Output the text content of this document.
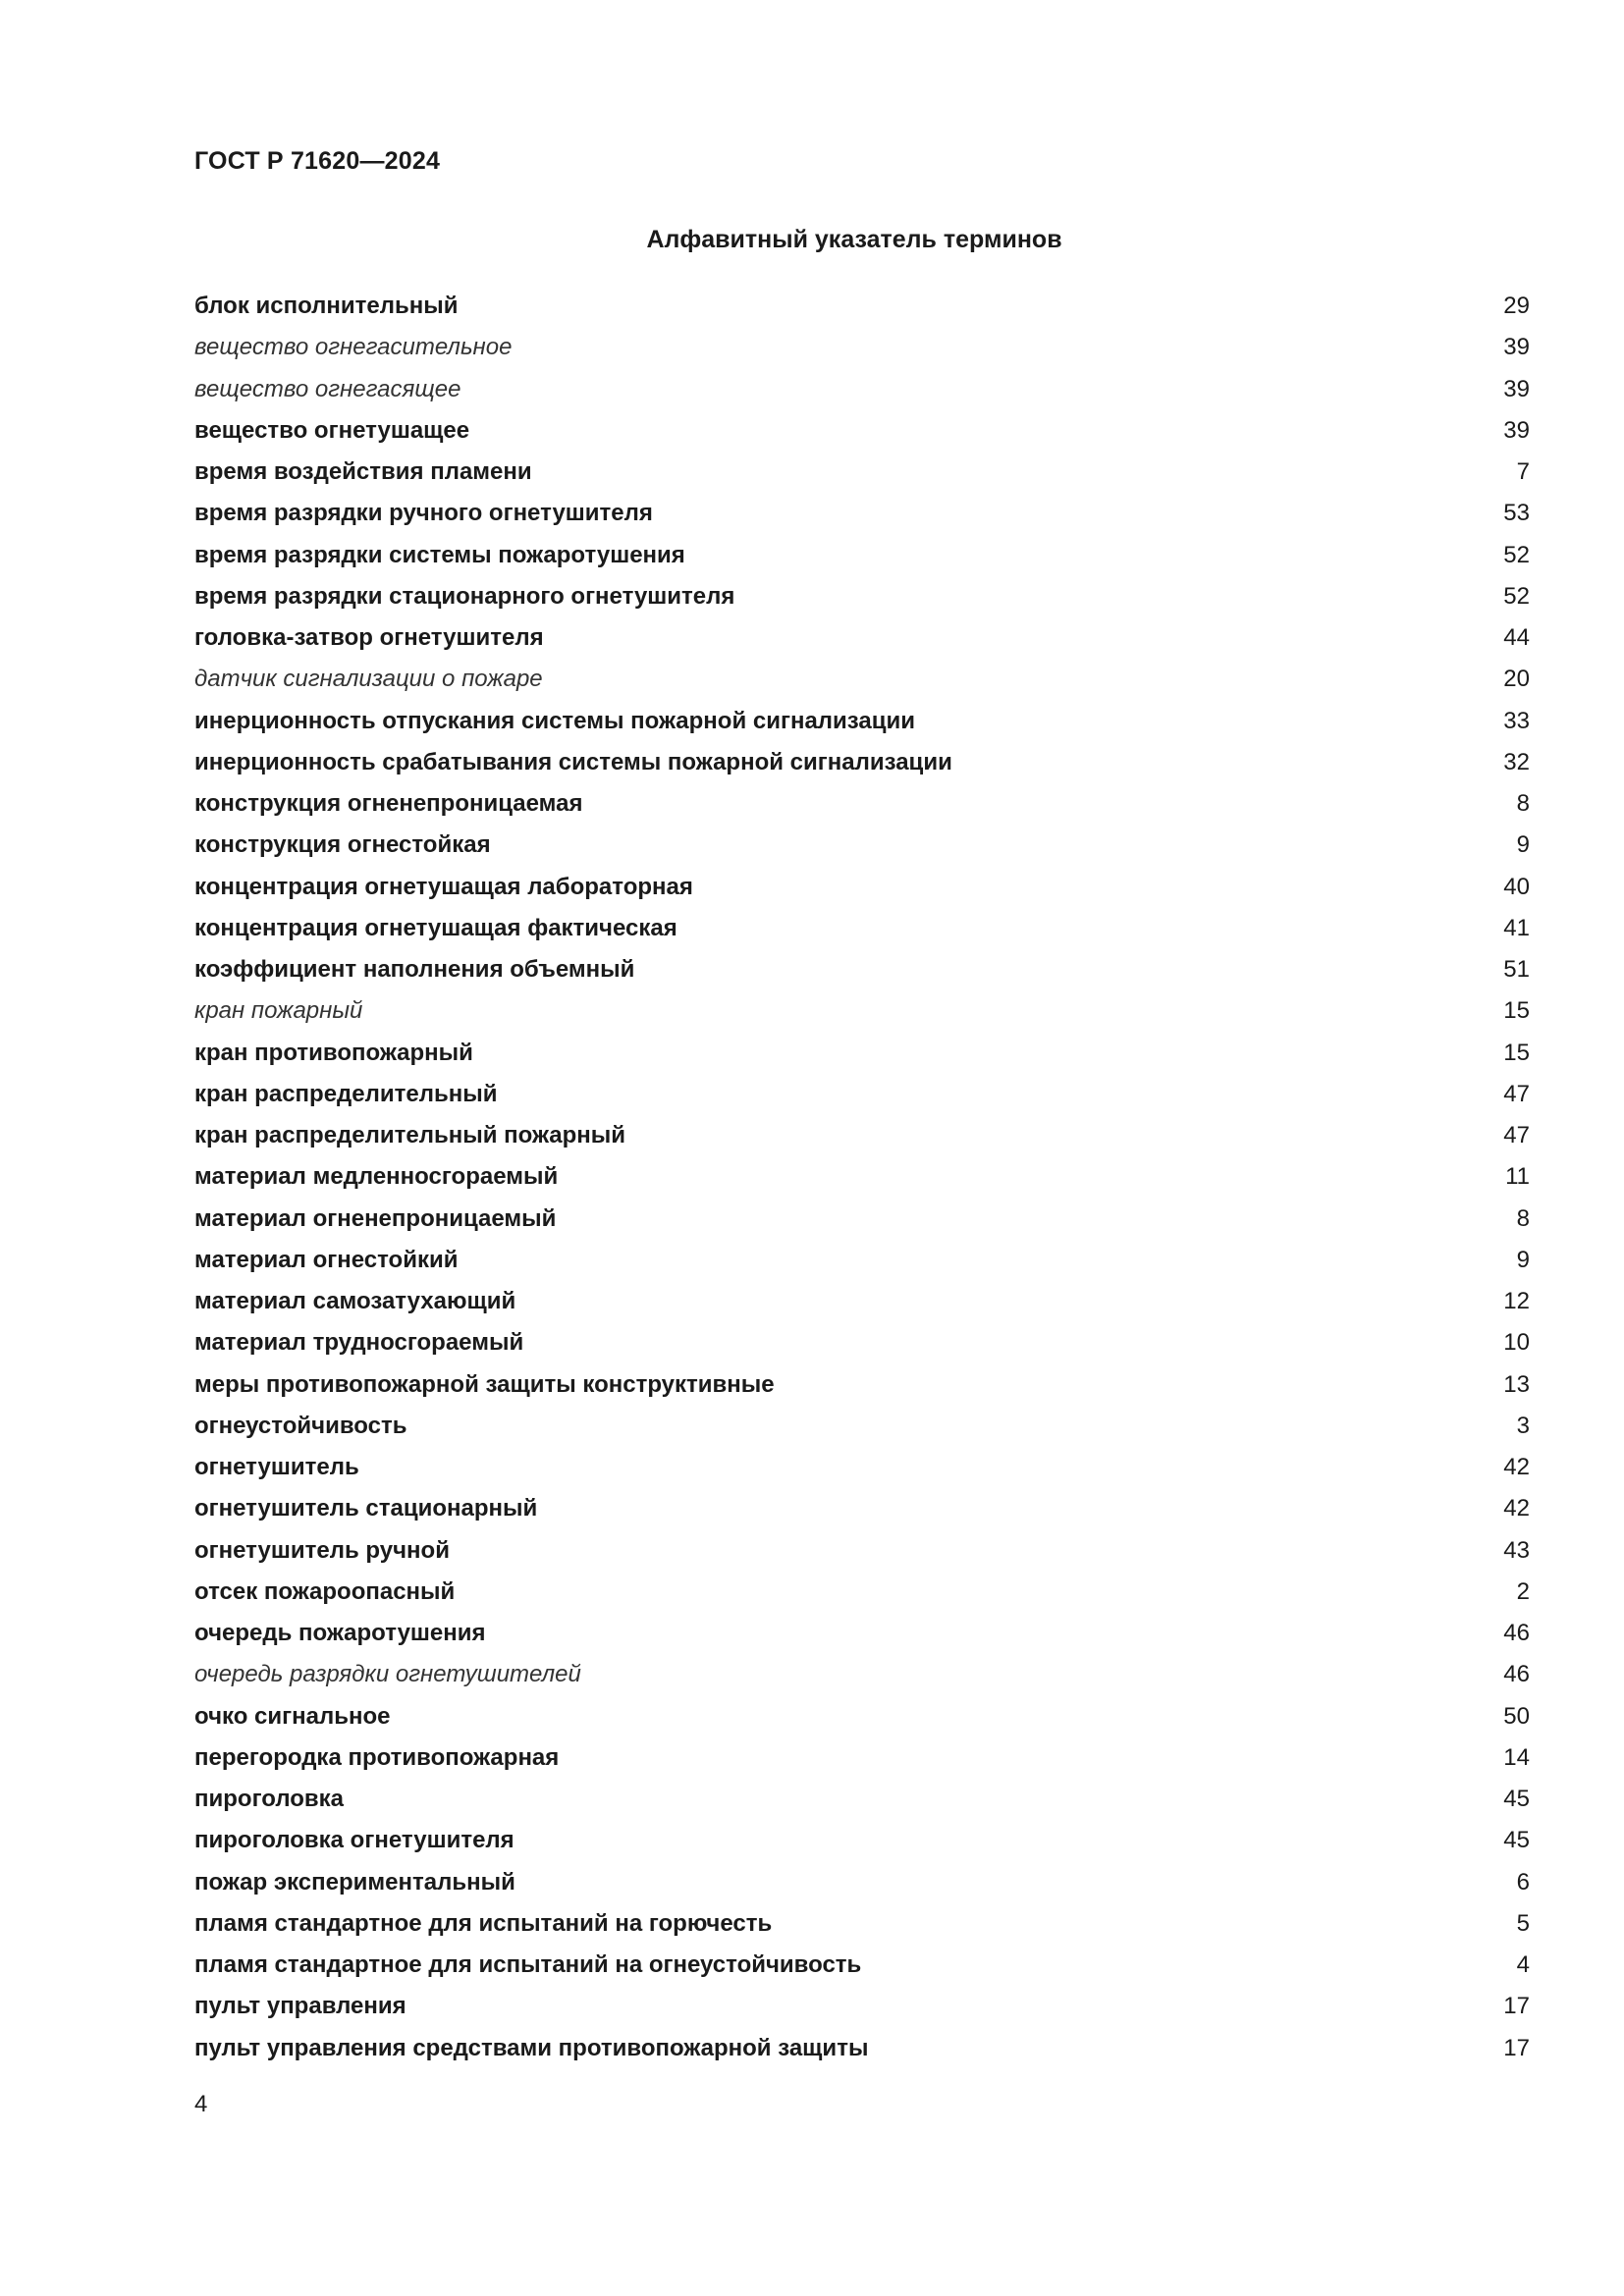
ГОСТ Р 71620—2024
Алфавитный указатель терминов
блок исполнительный	29
вещество огнегасительное	39
вещество огнегасящее	39
вещество огнетушащее	39
время воздействия пламени	7
время разрядки ручного огнетушителя	53
время разрядки системы пожаротушения	52
время разрядки стационарного огнетушителя	52
головка-затвор огнетушителя	44
датчик сигнализации о пожаре	20
инерционность отпускания системы пожарной сигнализации	33
инерционность срабатывания системы пожарной сигнализации	32
конструкция огненепроницаемая	8
конструкция огнестойкая	9
концентрация огнетушащая лабораторная	40
концентрация огнетушащая фактическая	41
коэффициент наполнения объемный	51
кран пожарный	15
кран противопожарный	15
кран распределительный	47
кран распределительный пожарный	47
материал медленносгораемый	11
материал огненепроницаемый	8
материал огнестойкий	9
материал самозатухающий	12
материал трудносгораемый	10
меры противопожарной защиты конструктивные	13
огнеустойчивость	3
огнетушитель	42
огнетушитель стационарный	42
огнетушитель ручной	43
отсек пожароопасный	2
очередь пожаротушения	46
очередь разрядки огнетушителей	46
очко сигнальное	50
перегородка противопожарная	14
пироголовка	45
пироголовка огнетушителя	45
пожар экспериментальный	6
пламя стандартное для испытаний на горючесть	5
пламя стандартное для испытаний на огнеустойчивость	4
пульт управления	17
пульт управления средствами противопожарной защиты	17
4
